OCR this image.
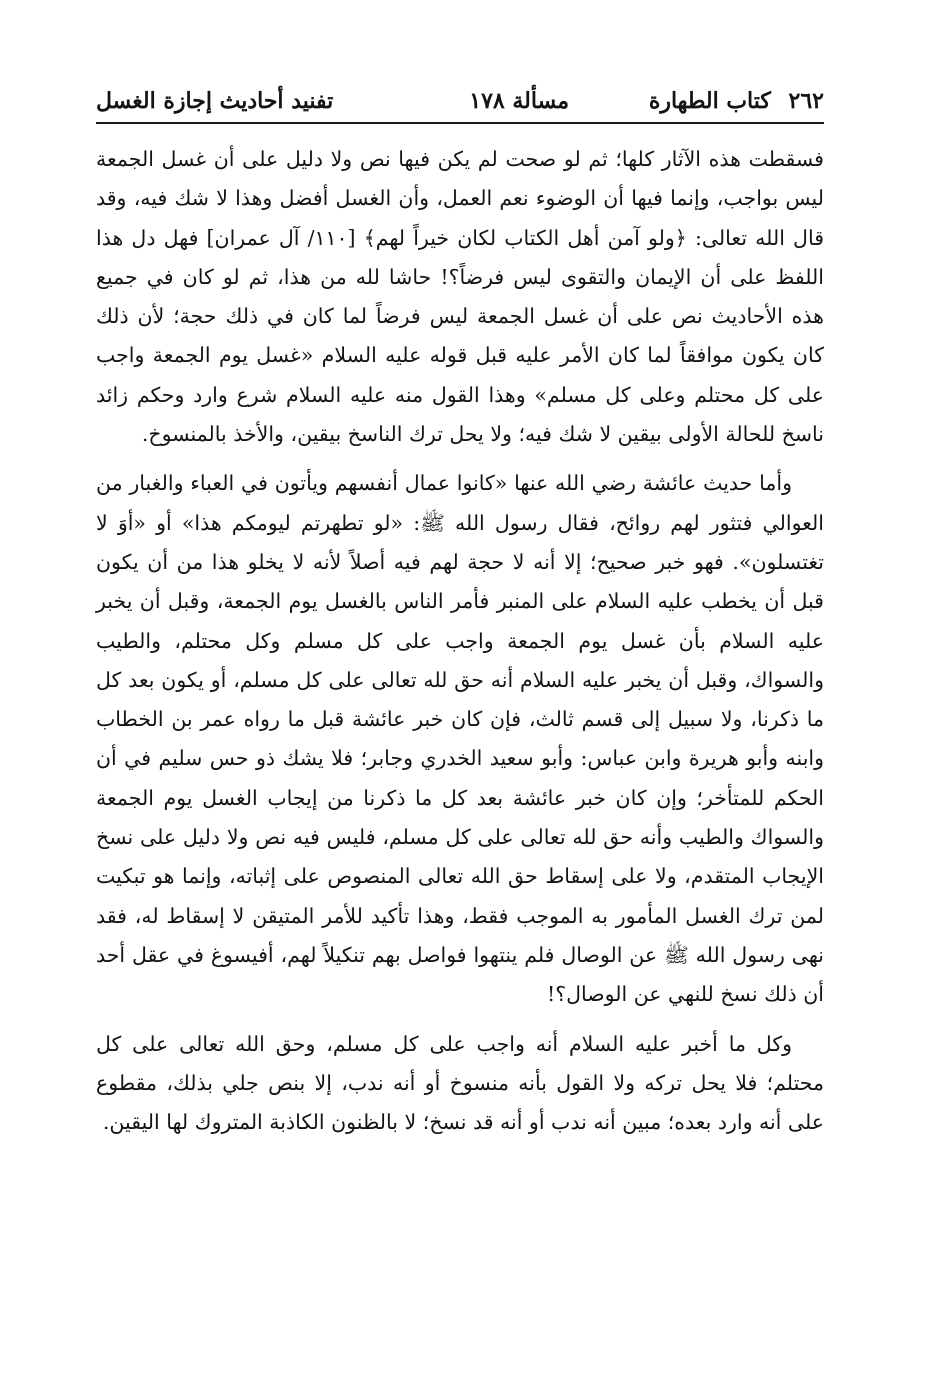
٢٦٢ كتاب الطهارة
مسألة ١٧٨
تفنيد أحاديث إجازة الغسل

فسقطت هذه الآثار كلها؛ ثم لو صحت لم يكن فيها نص ولا دليل على أن غسل الجمعة ليس بواجب، وإنما فيها أن الوضوء نعم العمل، وأن الغسل أفضل وهذا لا شك فيه، وقد قال الله تعالى: ﴿ولو آمن أهل الكتاب لكان خيراً لهم﴾ [١١٠/ آل عمران] فهل دل هذا اللفظ على أن الإيمان والتقوى ليس فرضاً؟! حاشا لله من هذا، ثم لو كان في جميع هذه الأحاديث نص على أن غسل الجمعة ليس فرضاً لما كان في ذلك حجة؛ لأن ذلك كان يكون موافقاً لما كان الأمر عليه قبل قوله عليه السلام «غسل يوم الجمعة واجب على كل محتلم وعلى كل مسلم» وهذا القول منه عليه السلام شرع وارد وحكم زائد ناسخ للحالة الأولى بيقين لا شك فيه؛ ولا يحل ترك الناسخ بيقين، والأخذ بالمنسوخ.

وأما حديث عائشة رضي الله عنها «كانوا عمال أنفسهم ويأتون في العباء والغبار من العوالي فتثور لهم روائح، فقال رسول الله ﷺ: «لو تطهرتم ليومكم هذا» أو «أوَ لا تغتسلون». فهو خبر صحيح؛ إلا أنه لا حجة لهم فيه أصلاً لأنه لا يخلو هذا من أن يكون قبل أن يخطب عليه السلام على المنبر فأمر الناس بالغسل يوم الجمعة، وقبل أن يخبر عليه السلام بأن غسل يوم الجمعة واجب على كل مسلم وكل محتلم، والطيب والسواك، وقبل أن يخبر عليه السلام أنه حق لله تعالى على كل مسلم، أو يكون بعد كل ما ذكرنا، ولا سبيل إلى قسم ثالث، فإن كان خبر عائشة قبل ما رواه عمر بن الخطاب وابنه وأبو هريرة وابن عباس: وأبو سعيد الخدري وجابر؛ فلا يشك ذو حس سليم في أن الحكم للمتأخر؛ وإن كان خبر عائشة بعد كل ما ذكرنا من إيجاب الغسل يوم الجمعة والسواك والطيب وأنه حق لله تعالى على كل مسلم، فليس فيه نص ولا دليل على نسخ الإيجاب المتقدم، ولا على إسقاط حق الله تعالى المنصوص على إثباته، وإنما هو تبكيت لمن ترك الغسل المأمور به الموجب فقط، وهذا تأكيد للأمر المتيقن لا إسقاط له، فقد نهى رسول الله ﷺ عن الوصال فلم ينتهوا فواصل بهم تنكيلاً لهم، أفيسوغ في عقل أحد أن ذلك نسخ للنهي عن الوصال؟!

وكل ما أخبر عليه السلام أنه واجب على كل مسلم، وحق الله تعالى على كل محتلم؛ فلا يحل تركه ولا القول بأنه منسوخ أو أنه ندب، إلا بنص جلي بذلك، مقطوع على أنه وارد بعده؛ مبين أنه ندب أو أنه قد نسخ؛ لا بالظنون الكاذبة المتروك لها اليقين.
